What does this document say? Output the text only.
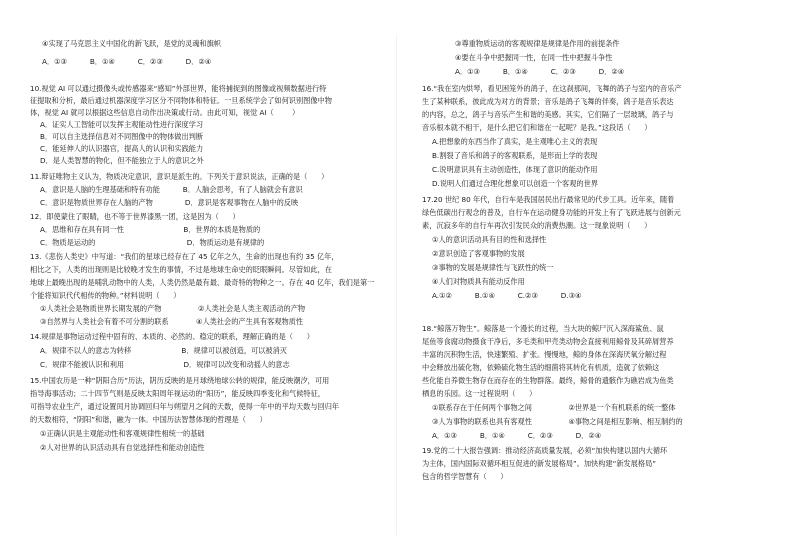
④实现了马克思主义中国化的新飞跃，是党的灵魂和旗帜
A．①③          B．①④          C．②③          D．②④
10.视觉 AI 可以通过摄像头或传感器来“感知”外部世界，能将捕捉到的图像或视频数据进行特
征提取和分析，最后通过机器深度学习区分不同物体和特征。一旦系统学会了如何识别图像中物
体，视觉 AI 就可以根据这些信息自动作出决策或行动。由此可知，视觉 AI（        ）
A．证实人工智能可以发挥主观能动性进行深度学习
B．可以自主选择信息对不同图像中的物体做出判断
C．能延伸人的认识器官，提高人的认识和实践能力
D．是人类智慧的物化，但不能独立于人的意识之外
11.辩证唯物主义认为，物质决定意识，意识是派生的。下列关于意识说法，正确的是（      ）
A．意识是人脑的生理基础和特有功能          B．人脑会思考，有了人脑就会有意识
C．意识是物质世界存在人脑的产物              D．意识是客观事物在人脑中的反映
12．即使蒙住了眼睛，也不等于世界漆黑一团，这是因为（      ）
A．思维和存在具有同一性                          B．世界的本质是物质的
C．物质是运动的                                        D．物质运动是有规律的
13.《悲伤人类史》中写道：“我们的星球已经存在了 45 亿年之久，生命的出现也有约 35 亿年，
相比之下，人类的出现则是比较晚才发生的事情，不过是地球生命史的眨眼瞬间。尽管如此，在
地球上最晚出现的是哺乳动物中的人类，人类仍然是最有最、最奇特的物种之一。存在 40 亿年，我们是第一
个能将知识代代相传的物种。”材料说明（      ）
①人类社会是物质世界长期发展的产物                ②人类社会是人类主观活动的产物
③自然界与人类社会有着不可分割的联系            ④人类社会的产生具有客观物质性
14.规律是事物运动过程中固有的、本质的、必然的、稳定的联系，理解正确的是（      ）
A．规律不以人的意志为转移                      B．规律可以被创造，可以被消灭
C．规律不能被认识和利用                          D．规律可以改变和动摇人的意志
15.中国农历是一种“阴阳合历”历法，阴历反映的是月球绕地球公转的规律，能反映潮汐，可用
指导海事活动；二十四节气则是反映太阳周年视运动的“阳历”，能反映四季变化和气候特征，
可指导农业生产，通过设置闰月协调回归年与朔望月之间的天数，使得一年中的平均天数与回归年
的天数相符，“阴阳”和谐，融为一体。中国历法智慧体现的哲理是（      ）
①正确认识是主观能动性和客观规律性相统一的基础
②人对世界的认识活动具有自觉选择性和能动创造性
③尊重物质运动的客观规律是规律是作用的前提条件
④要在斗争中把握同一性，在同一性中把握斗争性
A．①③          B．①④          C．②③          D．②④
16.“我在室内烘琴，看见困笼外的鸽子，在这刹那间，飞舞的鸽子与室内的音乐产
生了某种联系，彼此成为对方的背景；音乐是鸽子飞舞的伴奏，鸽子是音乐表达
的内容，总之，鸽子与音乐产生和谐的美感。其实，它们隔了一层玻璃，鸽子与
音乐根本就不相干，是什么把它们和谐在一起呢？是我。”这段话（      ）
A.把想象的东西当作了真实，是主观唯心主义的表现
B.割裂了音乐和鸽子的客观联系，是形而上学的表现
C.说明意识具有主动创造性，体现了意识的能动作用
D.说明人们通过合理化想象可以创造一个客观的世界
17.20 世纪 80 年代，自行车是我国居民出行最常见的代步工具。近年来，随着
绿色低碳出行观念的普及，自行车在运动健身功能的开发上有了飞跃进展与创新元
素，沉寂多年的自行车再次引发民众的消费热潮。这一现象说明（      ）
①人的意识活动具有目的性和选择性
②意识创造了客观事物的发展
③事物的发展是规律性与飞跃性的统一
④人们对物质具有能动反作用
A.①②          B.①④          C.②③          D.③④
18.“鲸落万物生”。鲸落是一个漫长的过程，当大块的鲸尸沉入深海鲨鱼、鼠
尾鱼等食腐动物摄食干净后，多毛类和甲壳类动物会直接利用鲸骨及其碎屑营养
丰富的沉积物生活，快速繁殖、扩张。慢慢地，鲸的身体在深海厌氧分解过程
中会释放出硫化物，依赖硫化物生活的细菌将其转化有机质，造就了依赖这
些化能自养微生物存在而存在的生物群落。最终，鲸骨的遗骸作为礁岩成为鱼类
栖息的乐园。这一过程说明（      ）
①联系存在于任何两个事物之间                ②世界是一个有机联系的统一整体
③人为事物的联系也具有客观性                ④事物之间是相互影响、相互制约的
A．①③          B．①④          C．②③          D．②④
19.党的二十大报告强调：推动经济高质量发展，必须“加快构建以国内大循环
为主体，国内国际双循环相互促进的新发展格局”。加快构建“新发展格局”
包含的哲学智慧有（      ）
